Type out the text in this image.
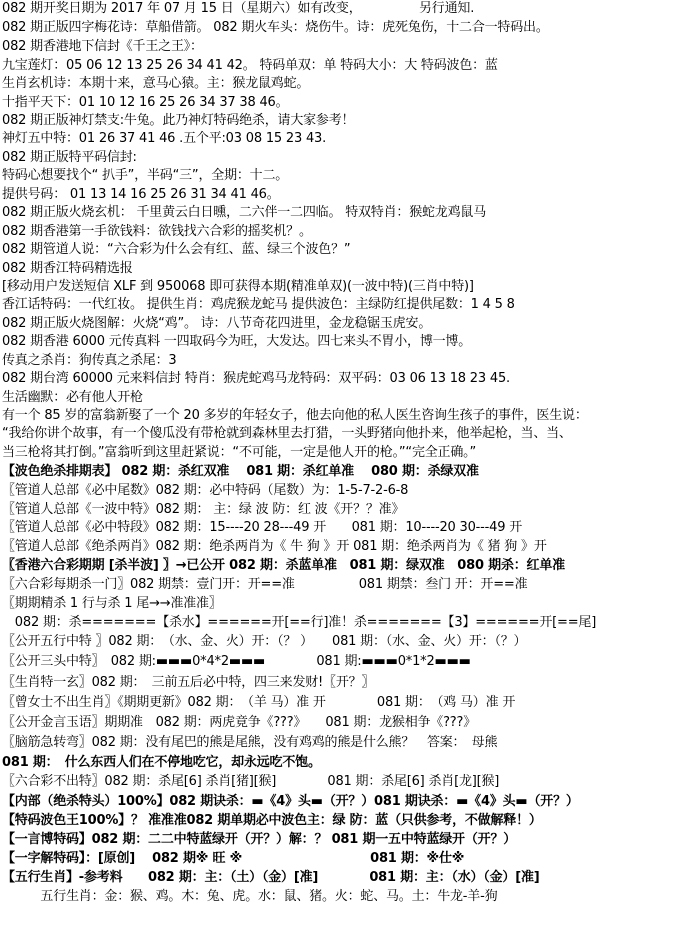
082 期开奖日期为 2017 年 07 月 15 日（星期六）如有改变，　　　　　另行通知.
082 期正版四字梅花诗：草船借箭。 082 期火车头：烧伤牛。诗：虎死兔伤，十二合一特码出。
082 期香港地下信封《千王之王》：
九宝莲灯：05 06 12 13 25 26 34 41 42。 特码单双：单 特码大小：大 特码波色：蓝
生肖玄机诗：本期十来，意马心猿。主：猴龙鼠鸡蛇。
十指平天下：01 10 12 16 25 26 34 37 38 46。
082 期正版神灯禁支:牛兔。此乃神灯特码绝杀，请大家参考！
神灯五中特：01 26 37 41 46 .五个平:03 08 15 23 43.
082 期正版特平码信封:
特码心想要找个“ 扒手”，半码“三”，全期：十二。
提供号码： 01 13 14 16 25 26 31 34 41 46。
082 期正版火烧玄机： 千里黄云白日曛，二六伴一二四临。 特双特肖：猴蛇龙鸡鼠马
082 期香港第一手欲钱料：欲钱找六合彩的摇奖机？。
082 期管道人说：“六合彩为什么会有红、蓝、绿三个波色？”
082 期香江特码精选报
[移动用户发送短信 XLF 到 950068 即可获得本期(精准单双)(一波中特)(三肖中特)]
香江话特码：一代红妆。 提供生肖：鸡虎猴龙蛇马 提供波色：主绿防红提供尾数：1 4 5 8
082 期正版火烧图解：火烧“鸡”。 诗：八节奇花四进里，金龙稳锯玉虎安。
082 期香港 6000 元传真料 一四取码今为旺，大发达。四七来头不胃小，博一博。
传真之杀肖：狗传真之杀尾：3
082 期台湾 60000 元来料信封 特肖：猴虎蛇鸡马龙特码：双平码：03 06 13 18 23 45.
生活幽默：必有他人开枪
有一个 85 岁的富翁新娶了一个 20 多岁的年轻女子，他去向他的私人医生咨询生孩子的事件，医生说：
“我给你讲个故事，有一个傻瓜没有带枪就到森林里去打猎，一头野猪向他扑来，他举起枪，当、当、
当三枪将其打倒。”富翁听到这里赶紧说：“不可能，一定是他人开的枪。”“完全正确。”
【波色绝杀排期表】 082 期：杀红双准　 081 期：杀红单准　 080 期：杀绿双准
〖管道人总部《必中尾数》082 期：必中特码（尾数）为：1-5-7-2-6-8
〖管道人总部《一波中特》082 期： 主：绿 波 防：红 波《开？？准》
〖管道人总部《必中特段》082 期：15----20 28---49 开　　081 期：10----20 30---49 开
〖管道人总部《绝杀两肖》082 期：绝杀两肖为《 牛 狗 》开 081 期：绝杀两肖为《 猪 狗 》开
〖香港六合彩期期 [杀半波] 〗→已公开 082 期：杀蓝单准　081 期：绿双准　080 期杀：红单准
〖六合彩每期杀一门〗082 期禁：壹门开：开==准　　　　　081 期禁：叁门 开：开==准
〖期期精杀 1 行与杀 1 尾→→准准准〗
　082 期：杀=======【杀水】======开[==行]准！杀=======【3】======开[==尾]
〖公开五行中特 〗082 期：　（水、金、火）开：（？ ）　　081 期：（水、金、火）开：（？）
〖公开三头中特〗　082 期:▬▬▬0*4*2▬▬▬　　　　081 期:▬▬▬0*1*2▬▬▬
〖生肖特一玄〗082 期：　三前五后必中特，四三来发财!〖开？〗
〖曾女士不出生肖〗《期期更新》082 期：　（羊 马）准 开　　　　081 期：　（鸡 马）准 开
〖公开金言玉语〗期期准　082 期：两虎竟争《???》　　081 期：龙猴相争《???》
〖脑筋急转弯〗082 期：没有尾巴的熊是尾熊，没有鸡鸡的熊是什么熊？　答案：　母熊
081 期：　什么东西人们在不停地吃它，却永远吃不饱。
〖六合彩不出特〗082 期：杀尾[6] 杀肖[猪][猴]　　　　081 期：杀尾[6] 杀肖[龙][猴]
【内部（绝杀特头）100%】082 期诀杀：▬《4》头▬（开？）081 期诀杀：▬《4》头▬（开？）
【特码波色王100%】？ 准准准082 期单期必中波色主：绿 防：蓝（只供参考，不做解释！）
【一言博特码】082 期：二二中特蓝绿开（开？）解：？ 081 期一五中特蓝绿开（开？）
【一字解特码】：[原创]　 082 期※ 旺 ※　　　　　　　　　　081 期：※仕※
【五行生肖】-参考料　　082 期：主：（土）（金）[准]　　　　081 期：主：（水）（金）[准]
　　　五行生肖：金：猴、鸡。木：兔、虎。水：鼠、猪。火：蛇、马。土：牛龙-羊-狗
